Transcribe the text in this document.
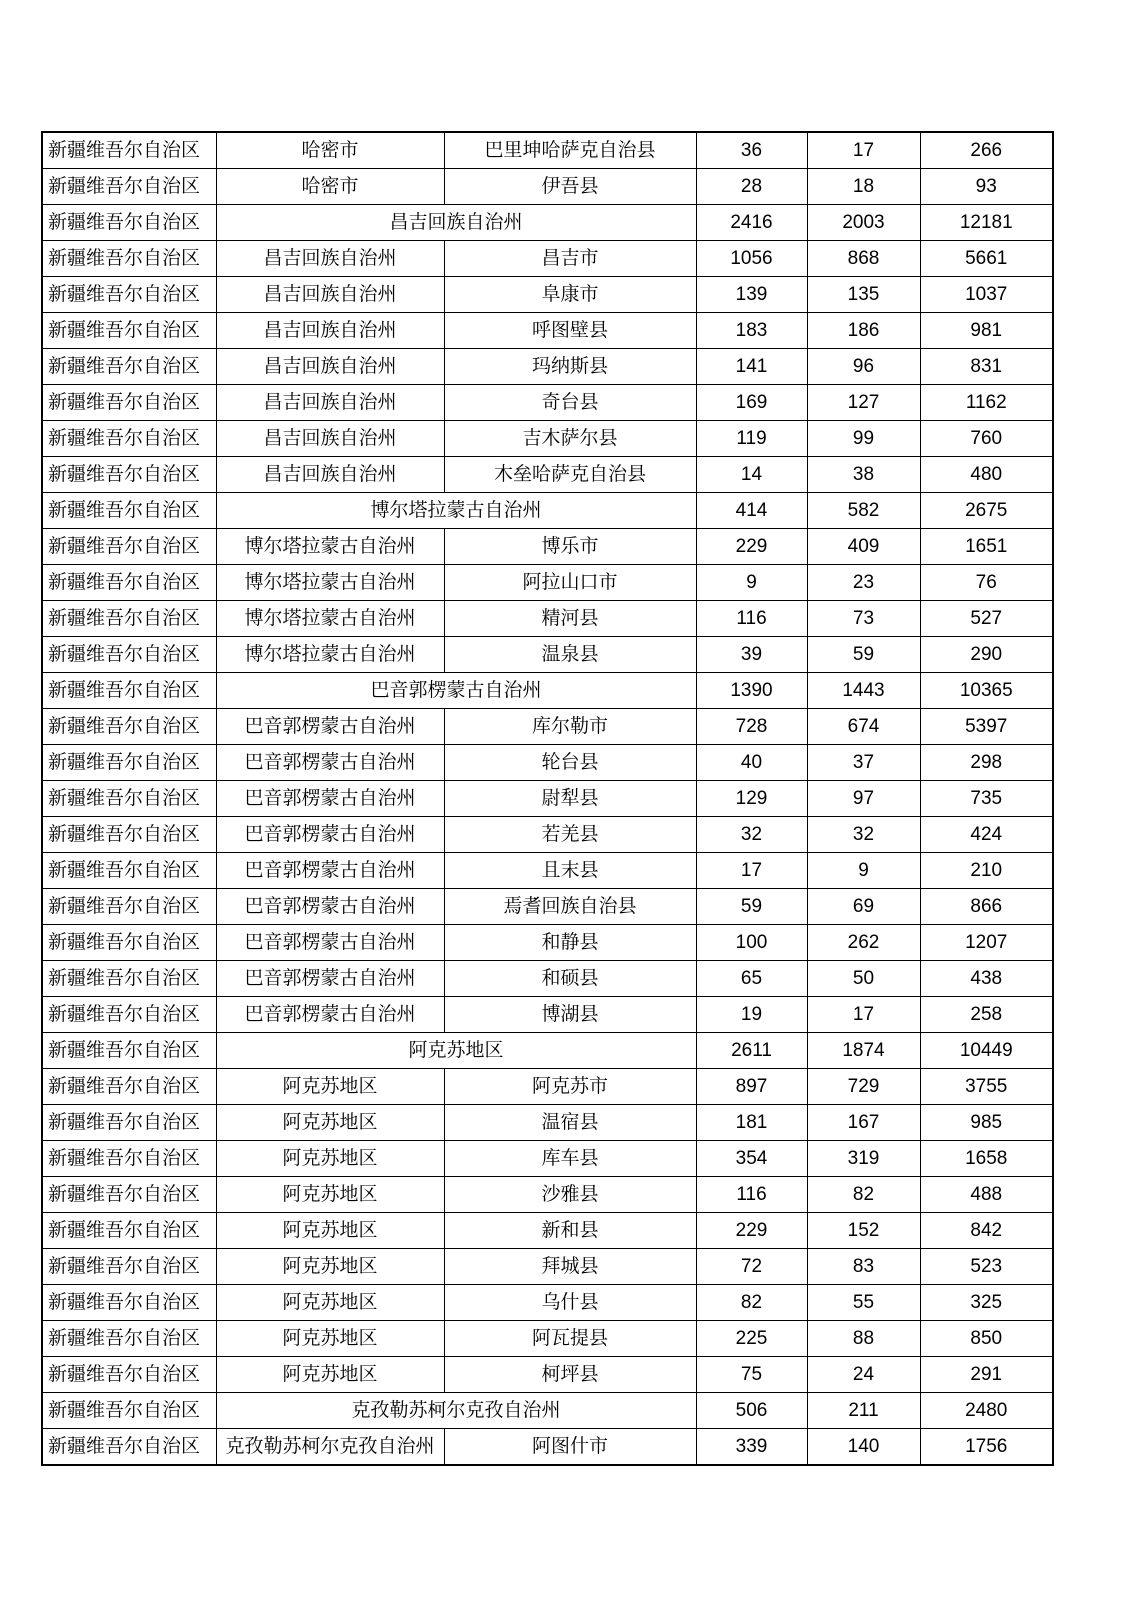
新疆维吾尔自治区	哈密市	巴里坤哈萨克自治县	36	17	266
新疆维吾尔自治区	哈密市	伊吾县	28	18	93
新疆维吾尔自治区	昌吉回族自治州		2416	2003	12181
新疆维吾尔自治区	昌吉回族自治州	昌吉市	1056	868	5661
新疆维吾尔自治区	昌吉回族自治州	阜康市	139	135	1037
新疆维吾尔自治区	昌吉回族自治州	呼图壁县	183	186	981
新疆维吾尔自治区	昌吉回族自治州	玛纳斯县	141	96	831
新疆维吾尔自治区	昌吉回族自治州	奇台县	169	127	1162
新疆维吾尔自治区	昌吉回族自治州	吉木萨尔县	119	99	760
新疆维吾尔自治区	昌吉回族自治州	木垒哈萨克自治县	14	38	480
新疆维吾尔自治区	博尔塔拉蒙古自治州		414	582	2675
新疆维吾尔自治区	博尔塔拉蒙古自治州	博乐市	229	409	1651
新疆维吾尔自治区	博尔塔拉蒙古自治州	阿拉山口市	9	23	76
新疆维吾尔自治区	博尔塔拉蒙古自治州	精河县	116	73	527
新疆维吾尔自治区	博尔塔拉蒙古自治州	温泉县	39	59	290
新疆维吾尔自治区	巴音郭楞蒙古自治州		1390	1443	10365
新疆维吾尔自治区	巴音郭楞蒙古自治州	库尔勒市	728	674	5397
新疆维吾尔自治区	巴音郭楞蒙古自治州	轮台县	40	37	298
新疆维吾尔自治区	巴音郭楞蒙古自治州	尉犁县	129	97	735
新疆维吾尔自治区	巴音郭楞蒙古自治州	若羌县	32	32	424
新疆维吾尔自治区	巴音郭楞蒙古自治州	且末县	17	9	210
新疆维吾尔自治区	巴音郭楞蒙古自治州	焉耆回族自治县	59	69	866
新疆维吾尔自治区	巴音郭楞蒙古自治州	和静县	100	262	1207
新疆维吾尔自治区	巴音郭楞蒙古自治州	和硕县	65	50	438
新疆维吾尔自治区	巴音郭楞蒙古自治州	博湖县	19	17	258
新疆维吾尔自治区	阿克苏地区		2611	1874	10449
新疆维吾尔自治区	阿克苏地区	阿克苏市	897	729	3755
新疆维吾尔自治区	阿克苏地区	温宿县	181	167	985
新疆维吾尔自治区	阿克苏地区	库车县	354	319	1658
新疆维吾尔自治区	阿克苏地区	沙雅县	116	82	488
新疆维吾尔自治区	阿克苏地区	新和县	229	152	842
新疆维吾尔自治区	阿克苏地区	拜城县	72	83	523
新疆维吾尔自治区	阿克苏地区	乌什县	82	55	325
新疆维吾尔自治区	阿克苏地区	阿瓦提县	225	88	850
新疆维吾尔自治区	阿克苏地区	柯坪县	75	24	291
新疆维吾尔自治区	克孜勒苏柯尔克孜自治州		506	211	2480
新疆维吾尔自治区	克孜勒苏柯尔克孜自治州	阿图什市	339	140	1756
